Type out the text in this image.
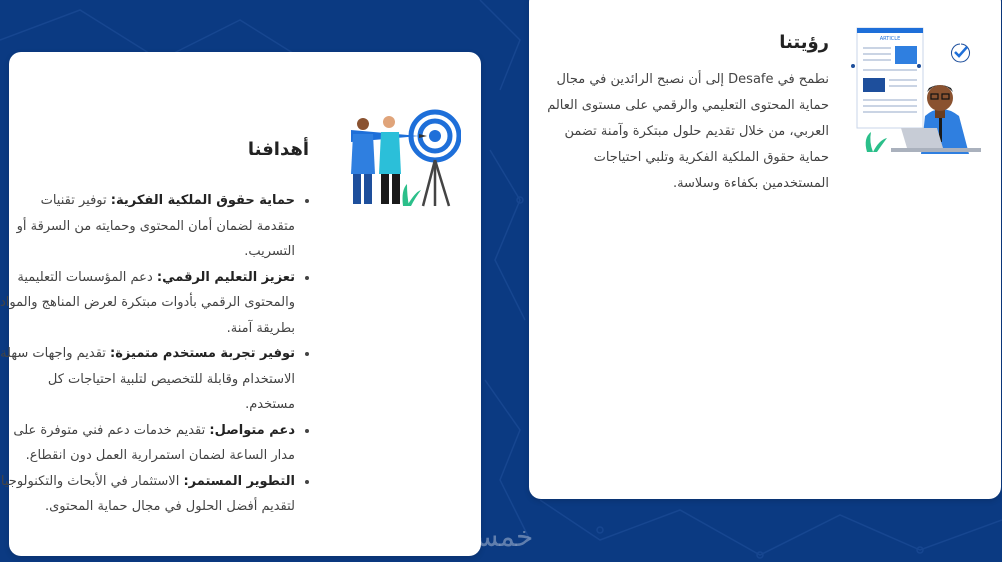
رؤيتنا

نطمح في Desafe إلى أن نصبح الرائدين في مجال حماية المحتوى التعليمي والرقمي على مستوى العالم العربي، من خلال تقديم حلول مبتكرة وآمنة تضمن حماية حقوق الملكية الفكرية وتلبي احتياجات المستخدمين بكفاءة وسلاسة.

ARTICLE
أهدافنا
• حماية حقوق الملكية الفكرية: توفير تقنيات متقدمة لضمان أمان المحتوى وحمايته من السرقة أو التسريب.
• تعزيز التعليم الرقمي: دعم المؤسسات التعليمية والمحتوى الرقمي بأدوات مبتكرة لعرض المناهج والمواد بطريقة آمنة.
• توفير تجربة مستخدم متميزة: تقديم واجهات سهلة الاستخدام وقابلة للتخصيص لتلبية احتياجات كل مستخدم.
• دعم متواصل: تقديم خدمات دعم فني متوفرة على مدار الساعة لضمان استمرارية العمل دون انقطاع.
• التطوير المستمر: الاستثمار في الأبحاث والتكنولوجيا لتقديم أفضل الحلول في مجال حماية المحتوى.
خمسات
